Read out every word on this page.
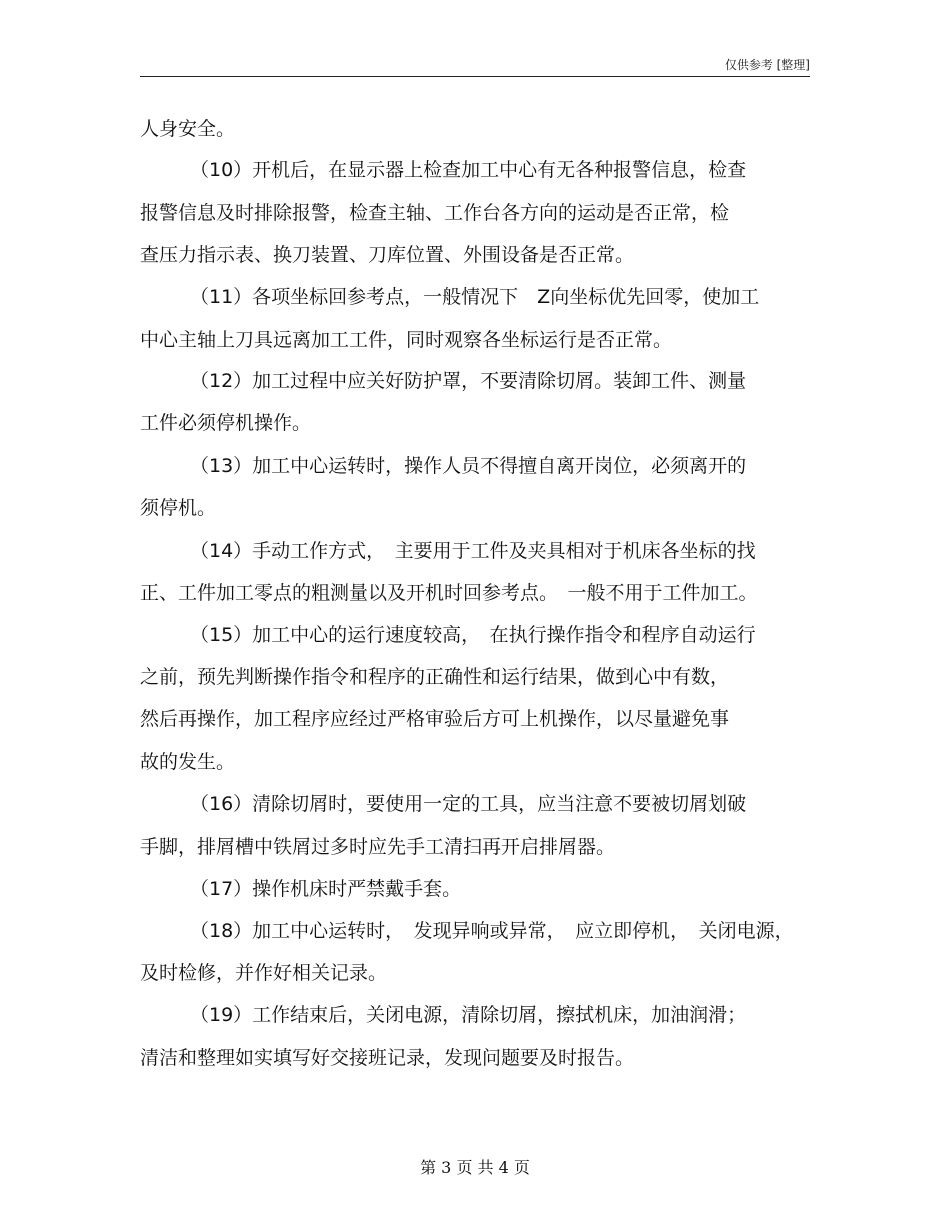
仅供参考 [整理]
人身安全。
（10）开机后，在显示器上检查加工中心有无各种报警信息，检查
报警信息及时排除报警，检查主轴、工作台各方向的运动是否正常，检
查压力指示表、换刀装置、刀库位置、外围设备是否正常。
（11）各项坐标回参考点，一般情况下　Z向坐标优先回零，使加工
中心主轴上刀具远离加工工件，同时观察各坐标运行是否正常。
（12）加工过程中应关好防护罩，不要清除切屑。装卸工件、测量
工件必须停机操作。
（13）加工中心运转时，操作人员不得擅自离开岗位，必须离开的
须停机。
（14）手动工作方式，　主要用于工件及夹具相对于机床各坐标的找
正、工件加工零点的粗测量以及开机时回参考点。　一般不用于工件加工。
（15）加工中心的运行速度较高，　在执行操作指令和程序自动运行
之前，预先判断操作指令和程序的正确性和运行结果，做到心中有数，
然后再操作，加工程序应经过严格审验后方可上机操作，以尽量避免事
故的发生。
（16）清除切屑时，要使用一定的工具，应当注意不要被切屑划破
手脚，排屑槽中铁屑过多时应先手工清扫再开启排屑器。
（17）操作机床时严禁戴手套。
（18）加工中心运转时，　发现异响或异常，　应立即停机，　关闭电源，
及时检修，并作好相关记录。
（19）工作结束后，关闭电源，清除切屑，擦拭机床，加油润滑；
清洁和整理如实填写好交接班记录，发现问题要及时报告。
第 3 页 共 4 页
